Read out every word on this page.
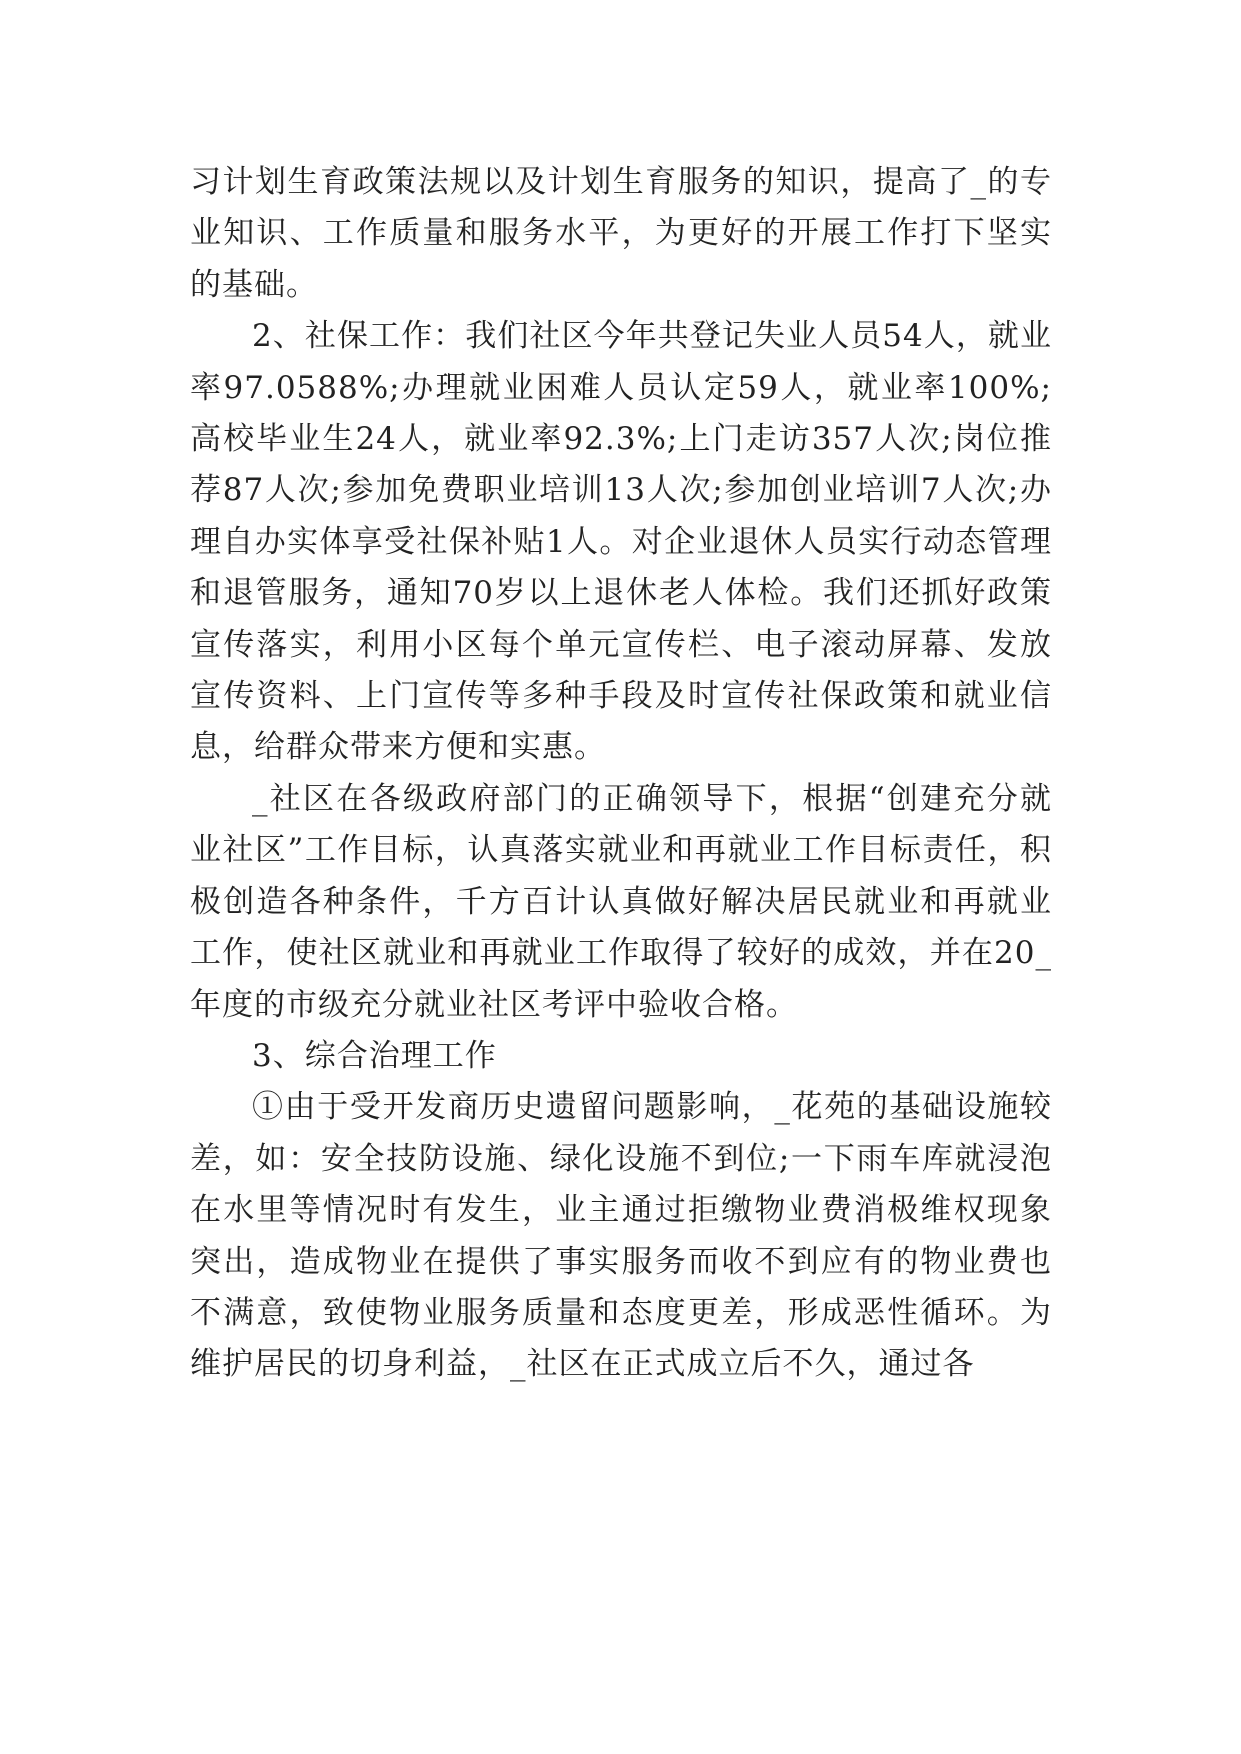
习计划生育政策法规以及计划生育服务的知识，提高了_的专业知识、工作质量和服务水平，为更好的开展工作打下坚实的基础。

2、社保工作：我们社区今年共登记失业人员54人，就业率97.0588%;办理就业困难人员认定59人，就业率100%;高校毕业生24人，就业率92.3%;上门走访357人次;岗位推荐87人次;参加免费职业培训13人次;参加创业培训7人次;办理自办实体享受社保补贴1人。对企业退休人员实行动态管理和退管服务，通知70岁以上退休老人体检。我们还抓好政策宣传落实，利用小区每个单元宣传栏、电子滚动屏幕、发放宣传资料、上门宣传等多种手段及时宣传社保政策和就业信息，给群众带来方便和实惠。

_社区在各级政府部门的正确领导下，根据“创建充分就业社区”工作目标，认真落实就业和再就业工作目标责任，积极创造各种条件，千方百计认真做好解决居民就业和再就业工作，使社区就业和再就业工作取得了较好的成效，并在20_年度的市级充分就业社区考评中验收合格。

3、综合治理工作

①由于受开发商历史遗留问题影响，_花苑的基础设施较差，如：安全技防设施、绿化设施不到位;一下雨车库就浸泡在水里等情况时有发生，业主通过拒缴物业费消极维权现象突出，造成物业在提供了事实服务而收不到应有的物业费也不满意，致使物业服务质量和态度更差，形成恶性循环。为维护居民的切身利益，_社区在正式成立后不久，通过各
